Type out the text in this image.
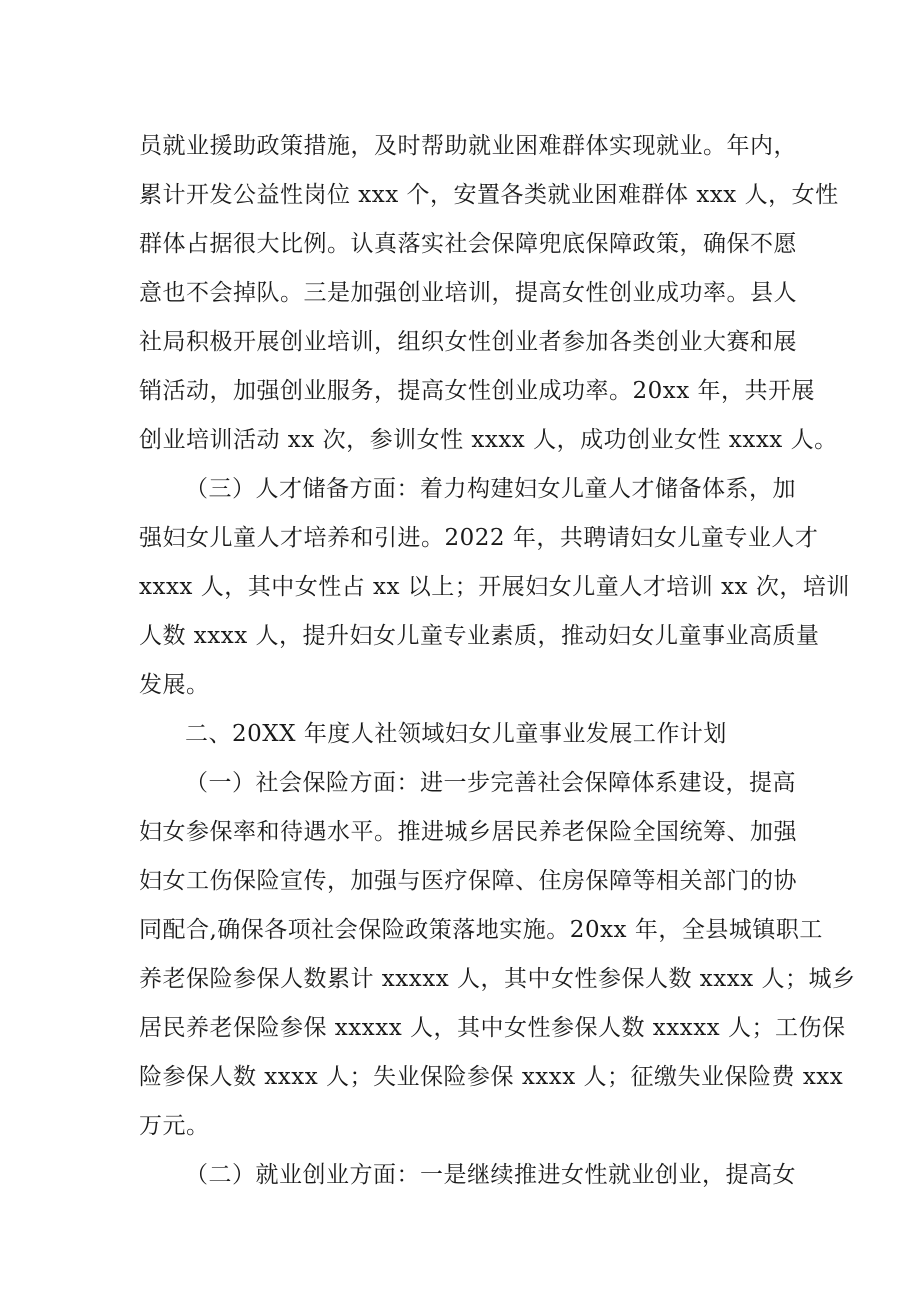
员就业援助政策措施，及时帮助就业困难群体实现就业。年内，
累计开发公益性岗位 xxx 个，安置各类就业困难群体 xxx 人，女性
群体占据很大比例。认真落实社会保障兜底保障政策，确保不愿
意也不会掉队。三是加强创业培训，提高女性创业成功率。县人
社局积极开展创业培训，组织女性创业者参加各类创业大赛和展
销活动，加强创业服务，提高女性创业成功率。20xx 年，共开展
创业培训活动 xx 次，参训女性 xxxx 人，成功创业女性 xxxx 人。
（三）人才储备方面：着力构建妇女儿童人才储备体系，加
强妇女儿童人才培养和引进。2022 年，共聘请妇女儿童专业人才
xxxx 人，其中女性占 xx 以上；开展妇女儿童人才培训 xx 次，培训
人数 xxxx 人，提升妇女儿童专业素质，推动妇女儿童事业高质量
发展。
二、20XX 年度人社领域妇女儿童事业发展工作计划
（一）社会保险方面：进一步完善社会保障体系建设，提高
妇女参保率和待遇水平。推进城乡居民养老保险全国统筹、加强
妇女工伤保险宣传，加强与医疗保障、住房保障等相关部门的协
同配合,确保各项社会保险政策落地实施。20xx 年，全县城镇职工
养老保险参保人数累计 xxxxx 人，其中女性参保人数 xxxx 人；城乡
居民养老保险参保 xxxxx 人，其中女性参保人数 xxxxx 人；工伤保
险参保人数 xxxx 人；失业保险参保 xxxx 人；征缴失业保险费 xxx
万元。
（二）就业创业方面：一是继续推进女性就业创业，提高女
